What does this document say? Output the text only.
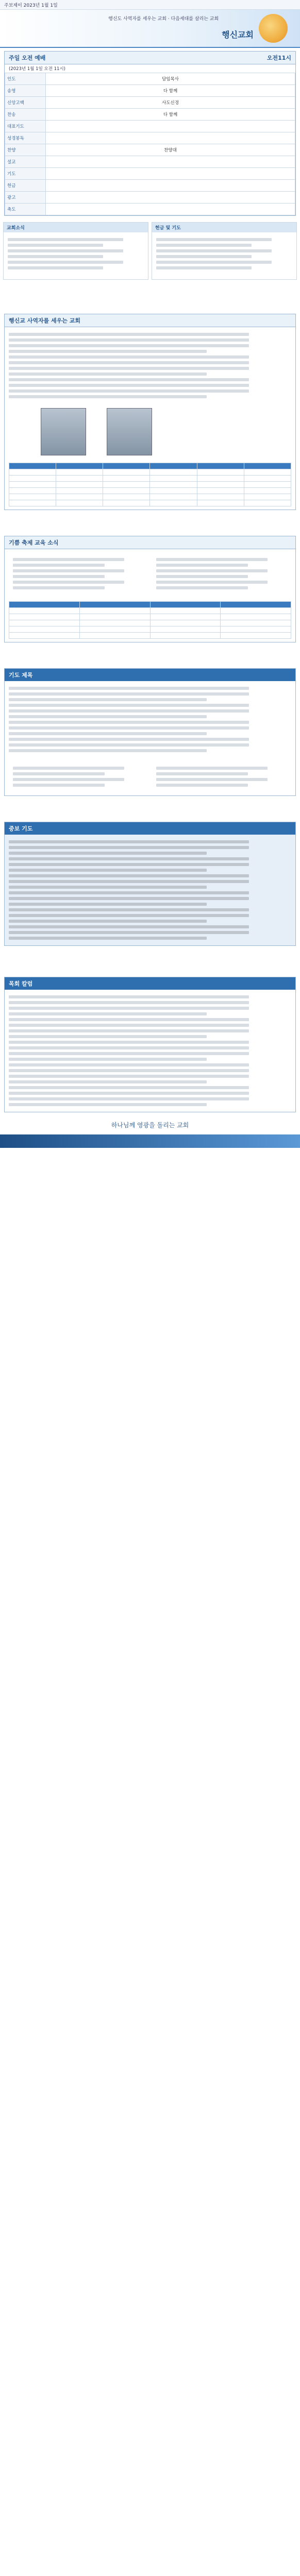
주보제이 2023년 1월 1일
행신도 사역자를 세우는 교회 · 다음세대를 살리는 교회
행신교회
주일 오전 예배	오전11시
(2023년 1월 1일 오전 11시)
인도	담임목사
송영	다 함께
신앙고백	사도신경
찬송	다 함께
대표기도	
성경봉독	
찬양	찬양대
설교	
기도	
헌금	
광고	
축도	
교회소식	헌금 및 기도
행신교 사역자를 세우는 교회

기쁨 축제 교육 소식

기도 제목
중보 기도
목회 칼럼
하나님께 영광을 돌리는 교회
